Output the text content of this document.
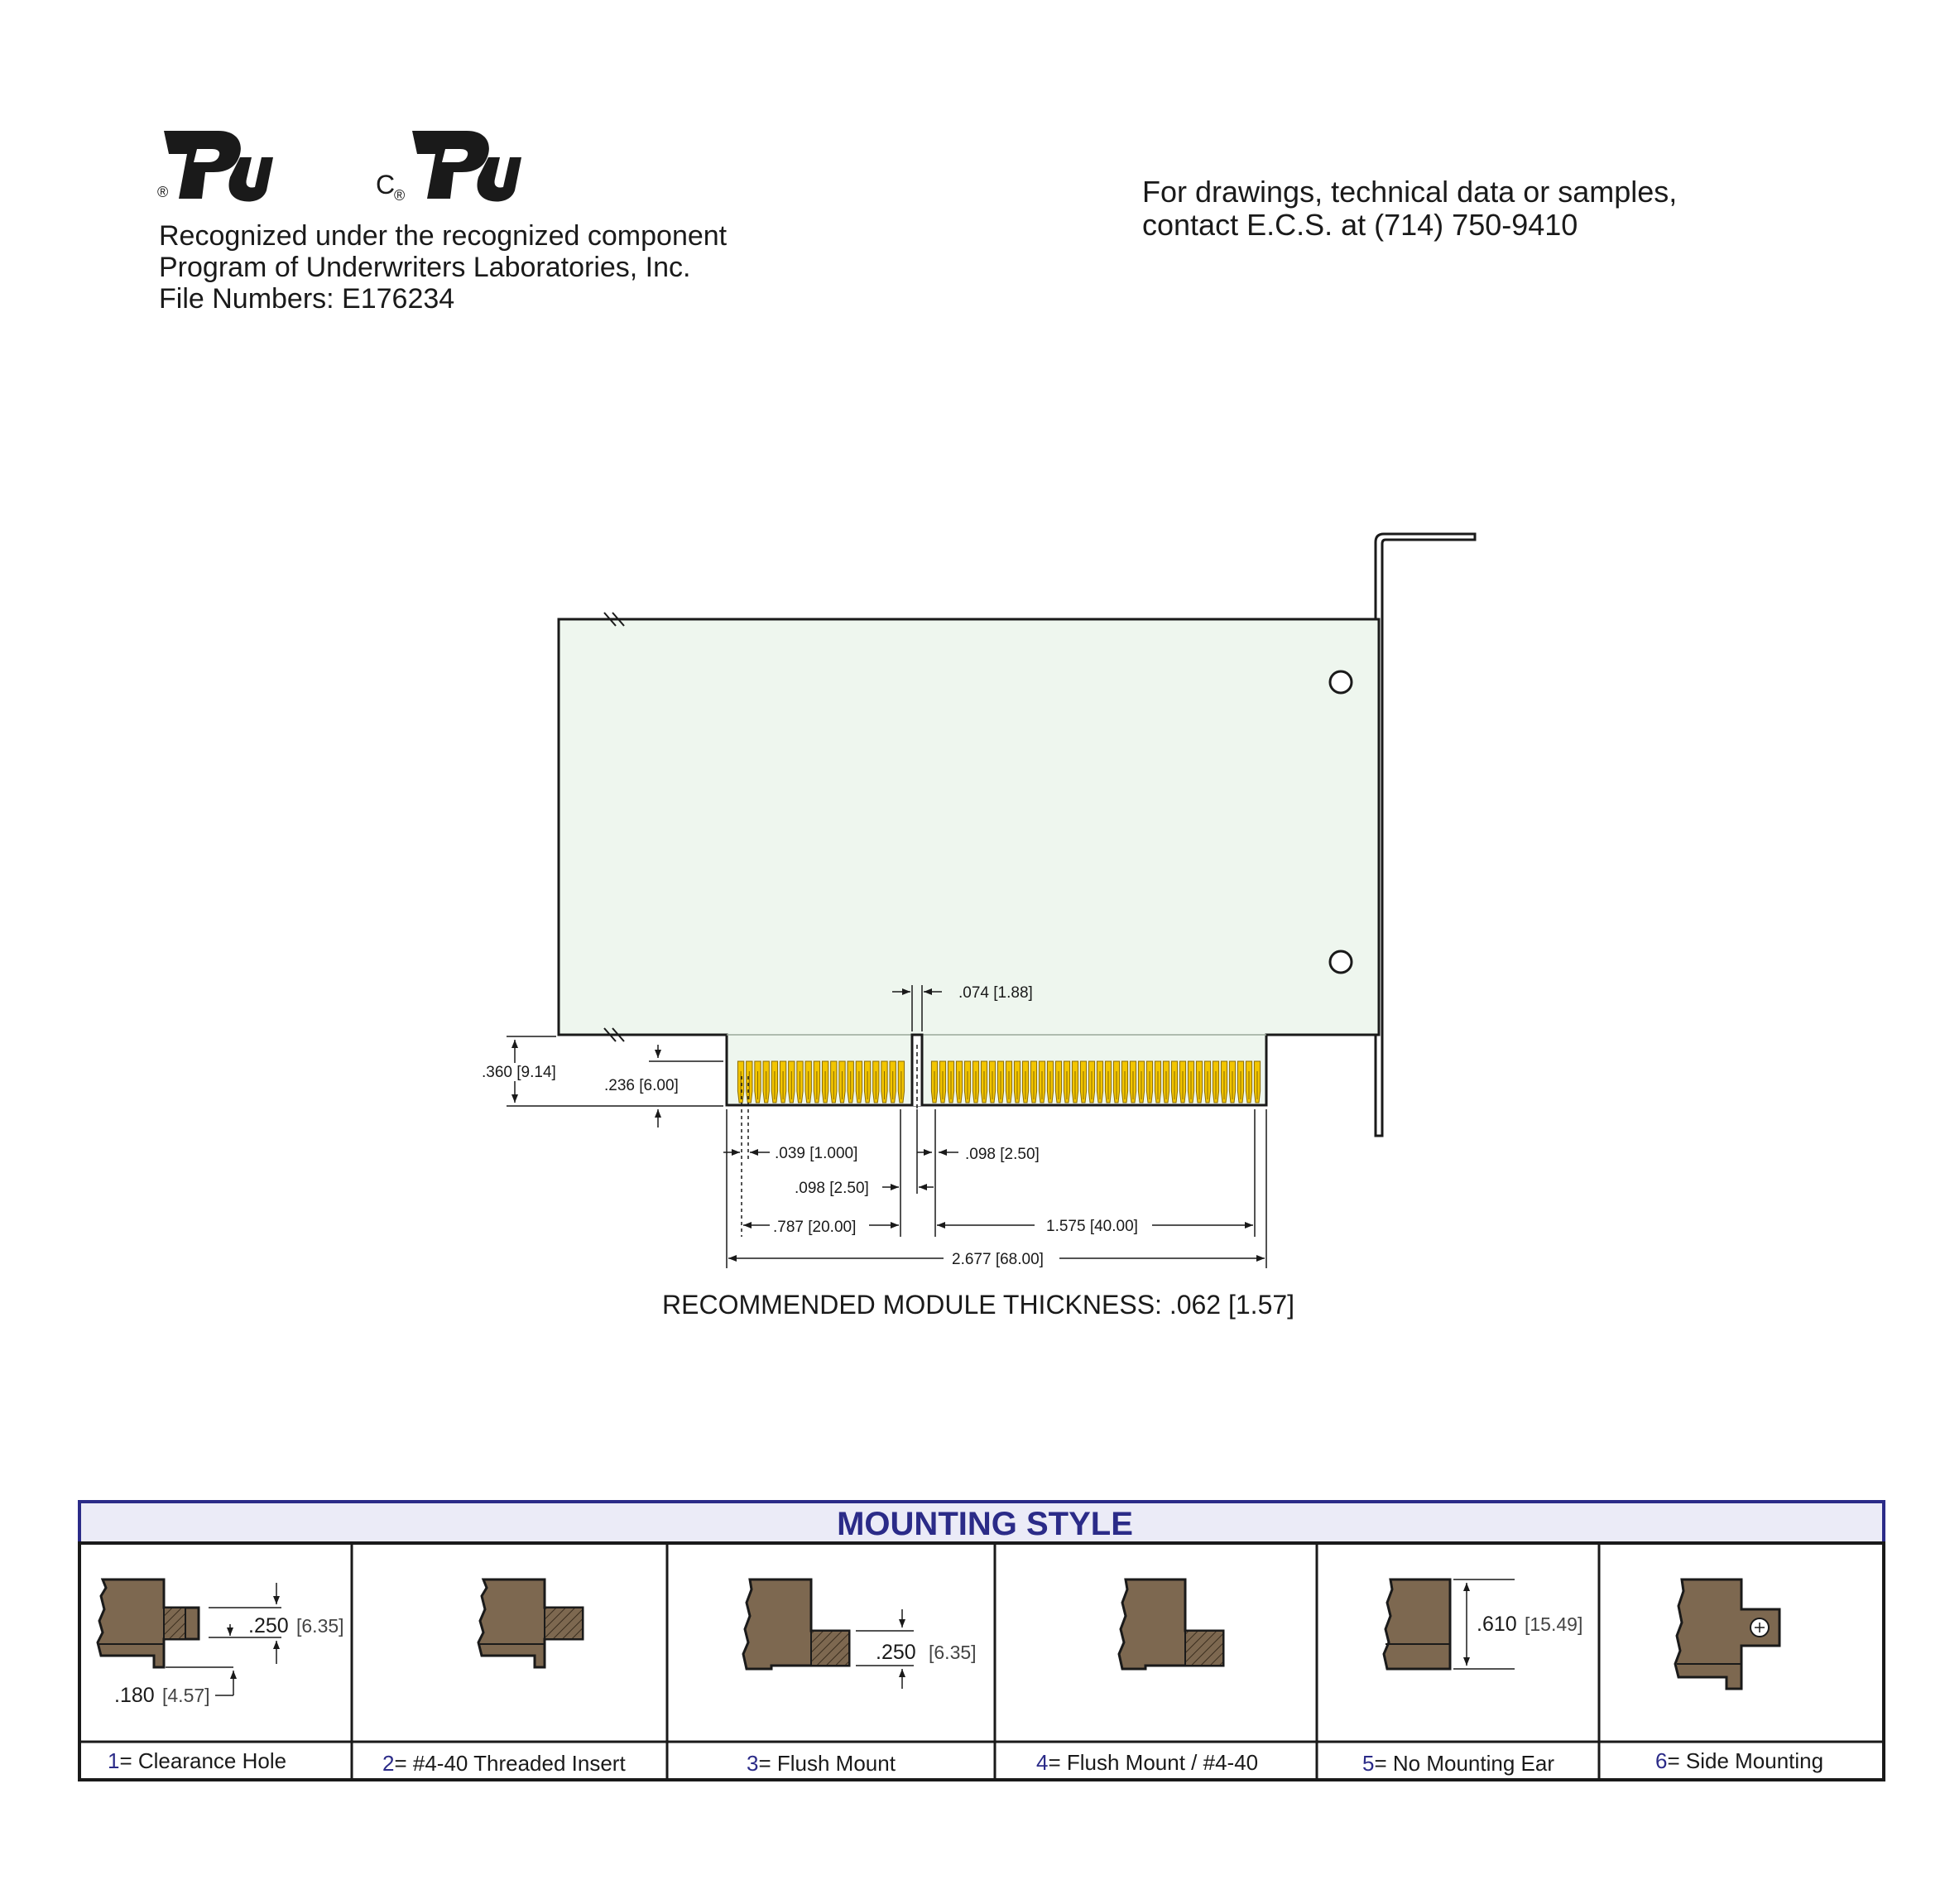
®	C
®
Recognized under the recognized component
Program of Underwriters Laboratories, Inc.
File Numbers: E176234
For drawings, technical data or samples,
contact E.C.S. at (714) 750-9410
.074 [1.88]
.360 [9.14]
.236 [6.00]
.039 [1.000]	.098 [2.50]
.098 [2.50]
.787 [20.00]	1.575 [40.00]
2.677 [68.00]
RECOMMENDED MODULE THICKNESS: .062 [1.57]
MOUNTING STYLE
.250 [6.35]
.180 [4.57]
.250 [6.35]
.610 [15.49]
1= Clearance Hole	2= #4-40 Threaded Insert	3= Flush Mount	4= Flush Mount / #4-40	5= No Mounting Ear	6= Side Mounting
